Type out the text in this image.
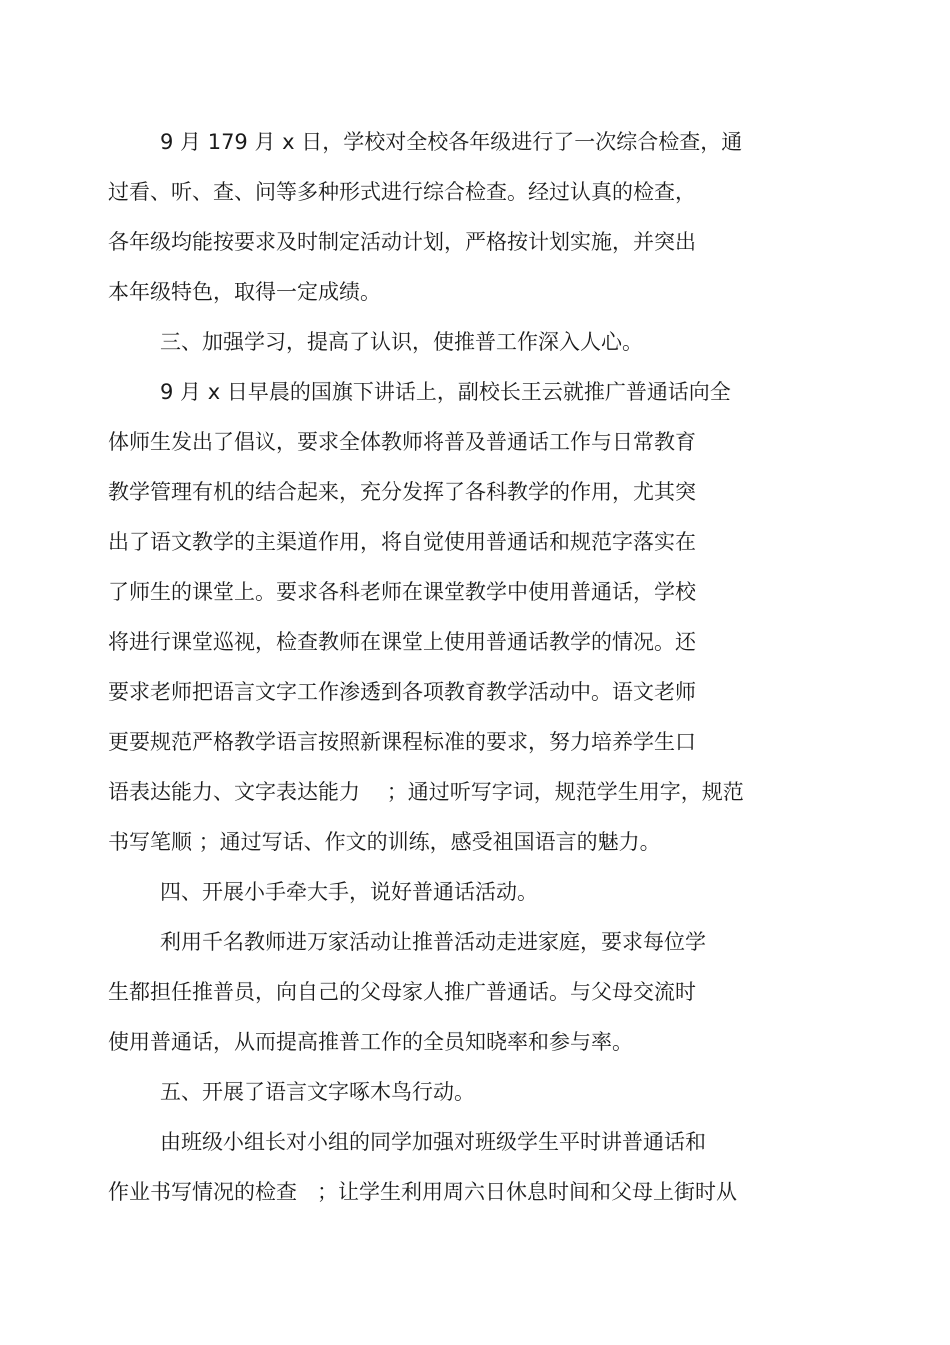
9 月 179 月 x 日，学校对全校各年级进行了一次综合检查，通
过看、听、查、问等多种形式进行综合检查。经过认真的检查，
各年级均能按要求及时制定活动计划，严格按计划实施，并突出
本年级特色，取得一定成绩。
三、加强学习，提高了认识，使推普工作深入人心。
9 月 x 日早晨的国旗下讲话上，副校长王云就推广普通话向全
体师生发出了倡议，要求全体教师将普及普通话工作与日常教育
教学管理有机的结合起来，充分发挥了各科教学的作用，尤其突
出了语文教学的主渠道作用，将自觉使用普通话和规范字落实在
了师生的课堂上。要求各科老师在课堂教学中使用普通话，学校
将进行课堂巡视，检查教师在课堂上使用普通话教学的情况。还
要求老师把语言文字工作渗透到各项教育教学活动中。语文老师
更要规范严格教学语言按照新课程标准的要求，努力培养学生口
语表达能力、文字表达能力    ；通过听写字词，规范学生用字，规范
书写笔顺 ；通过写话、作文的训练，感受祖国语言的魅力。
四、开展小手牵大手，说好普通话活动。
利用千名教师进万家活动让推普活动走进家庭，要求每位学
生都担任推普员，向自己的父母家人推广普通话。与父母交流时
使用普通话，从而提高推普工作的全员知晓率和参与率。
五、开展了语言文字啄木鸟行动。
由班级小组长对小组的同学加强对班级学生平时讲普通话和
作业书写情况的检查   ；让学生利用周六日休息时间和父母上街时从
